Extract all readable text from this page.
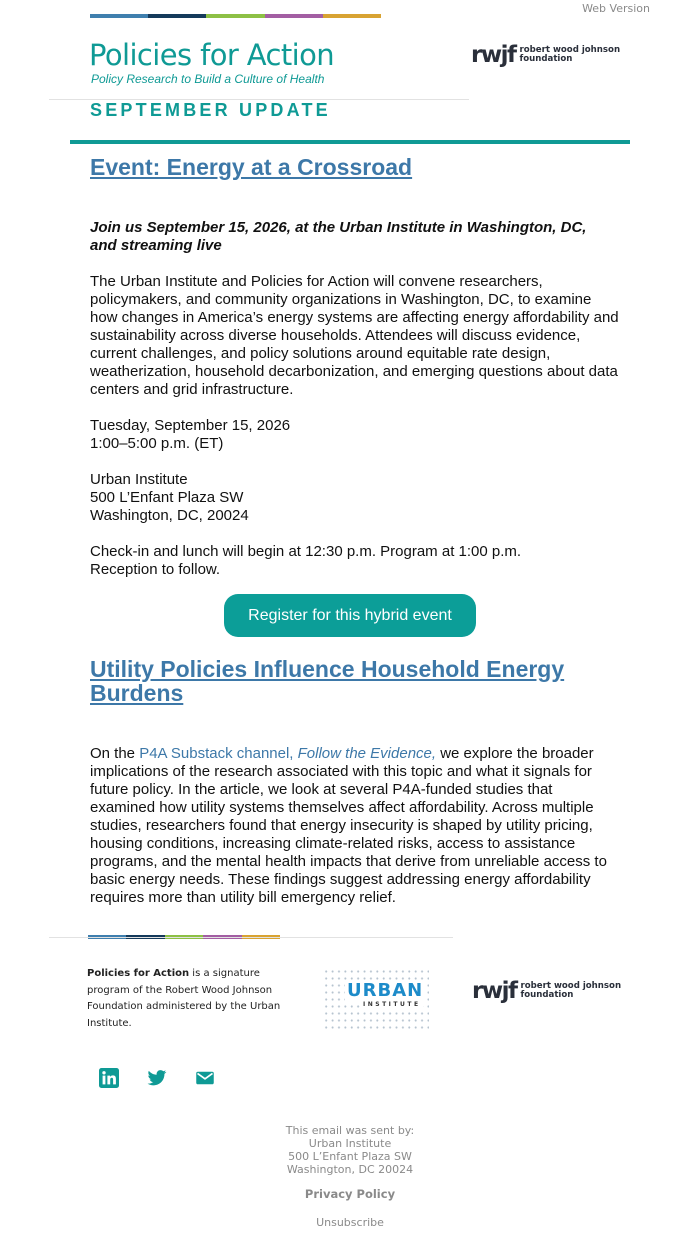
Web Version
Policies for Action
Policy Research to Build a Culture of Health
rwjf robert wood johnson
foundation
SEPTEMBER UPDATE
Event: Energy at a Crossroad
Join us September 15, 2026, at the Urban Institute in Washington, DC, and streaming live
The Urban Institute and Policies for Action will convene researchers, policymakers, and community organizations in Washington, DC, to examine how changes in America’s energy systems are affecting energy affordability and sustainability across diverse households. Attendees will discuss evidence, current challenges, and policy solutions around equitable rate design, weatherization, household decarbonization, and emerging questions about data centers and grid infrastructure.
Tuesday, September 15, 2026
1:00–5:00 p.m. (ET)
Urban Institute
500 L’Enfant Plaza SW
Washington, DC, 20024
Check-in and lunch will begin at 12:30 p.m. Program at 1:00 p.m. Reception to follow.
Register for this hybrid event
Utility Policies Influence Household Energy Burdens
On the P4A Substack channel, Follow the Evidence, we explore the broader implications of the research associated with this topic and what it signals for future policy. In the article, we look at several P4A-funded studies that examined how utility systems themselves affect affordability. Across multiple studies, researchers found that energy insecurity is shaped by utility pricing, housing conditions, increasing climate-related risks, access to assistance programs, and the mental health impacts that derive from unreliable access to basic energy needs. These findings suggest addressing energy affordability requires more than utility bill emergency relief.
Policies for Action is a signature program of the Robert Wood Johnson Foundation administered by the Urban Institute.
URBAN
INSTITUTE
rwjf robert wood johnson
foundation
This email was sent by:
Urban Institute
500 L’Enfant Plaza SW
Washington, DC 20024
Privacy Policy
Unsubscribe
